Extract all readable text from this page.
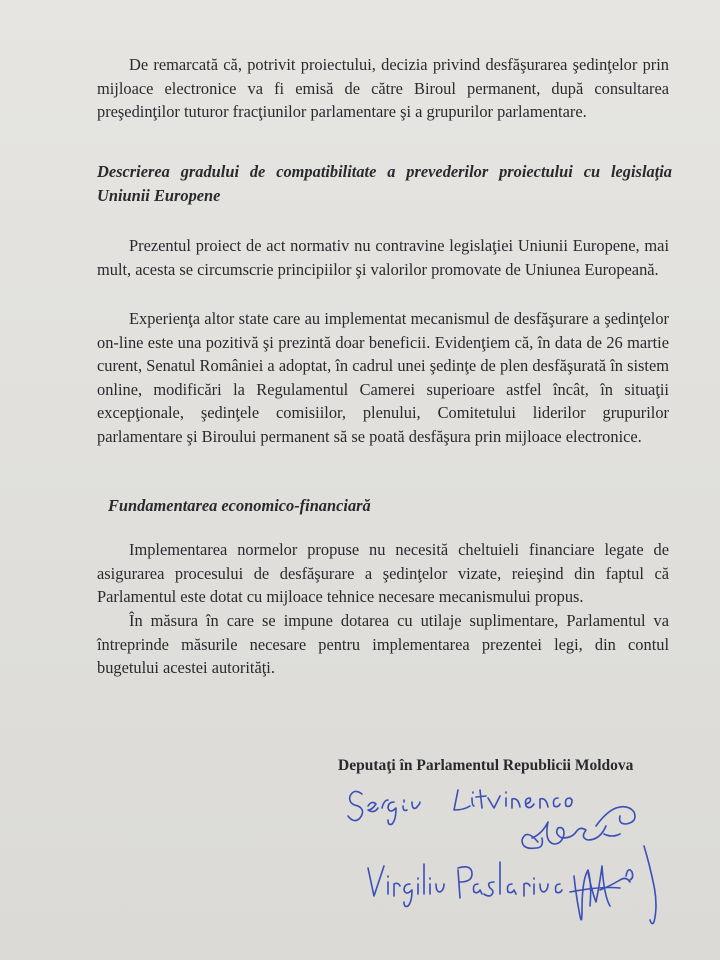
De remarcată că, potrivit proiectului, decizia privind desfăşurarea şedinţelor prin mijloace electronice va fi emisă de către Biroul permanent, după consultarea preşedinţilor tuturor fracţiunilor parlamentare şi a grupurilor parlamentare.

Descrierea gradului de compatibilitate a prevederilor proiectului cu legislaţia Uniunii Europene

Prezentul proiect de act normativ nu contravine legislaţiei Uniunii Europene, mai mult, acesta se circumscrie principiilor şi valorilor promovate de Uniunea Europeană.

Experienţa altor state care au implementat mecanismul de desfăşurare a şedinţelor on-line este una pozitivă şi prezintă doar beneficii. Evidenţiem că, în data de 26 martie curent, Senatul României a adoptat, în cadrul unei şedinţe de plen desfăşurată în sistem online, modificări la Regulamentul Camerei superioare astfel încât, în situaţii excepţionale, şedinţele comisiilor, plenului, Comitetului liderilor grupurilor parlamentare şi Biroului permanent să se poată desfăşura prin mijloace electronice.

Fundamentarea economico-financiară

Implementarea normelor propuse nu necesită cheltuieli financiare legate de asigurarea procesului de desfăşurare a şedinţelor vizate, reieşind din faptul că Parlamentul este dotat cu mijloace tehnice necesare mecanismului propus.

În măsura în care se impune dotarea cu utilaje suplimentare, Parlamentul va întreprinde măsurile necesare pentru implementarea prezentei legi, din contul bugetului acestei autorităţi.

Deputaţi în Parlamentul Republicii Moldova
